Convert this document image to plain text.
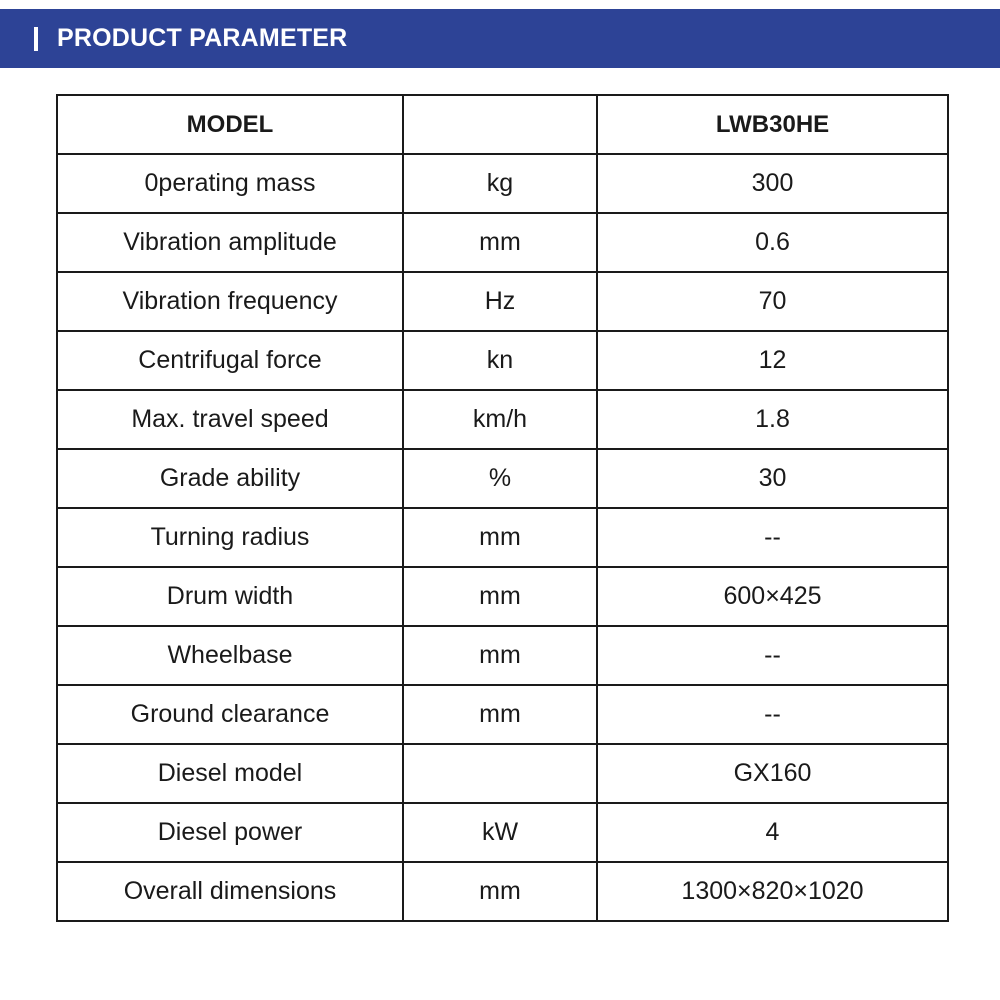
PRODUCT PARAMETER
MODEL		LWB30HE
0perating mass	kg	300
Vibration amplitude	mm	0.6
Vibration frequency	Hz	70
Centrifugal force	kn	12
Max. travel speed	km/h	1.8
Grade ability	%	30
Turning radius	mm	--
Drum width	mm	600×425
Wheelbase	mm	--
Ground clearance	mm	--
Diesel model		GX160
Diesel power	kW	4
Overall dimensions	mm	1300×820×1020
